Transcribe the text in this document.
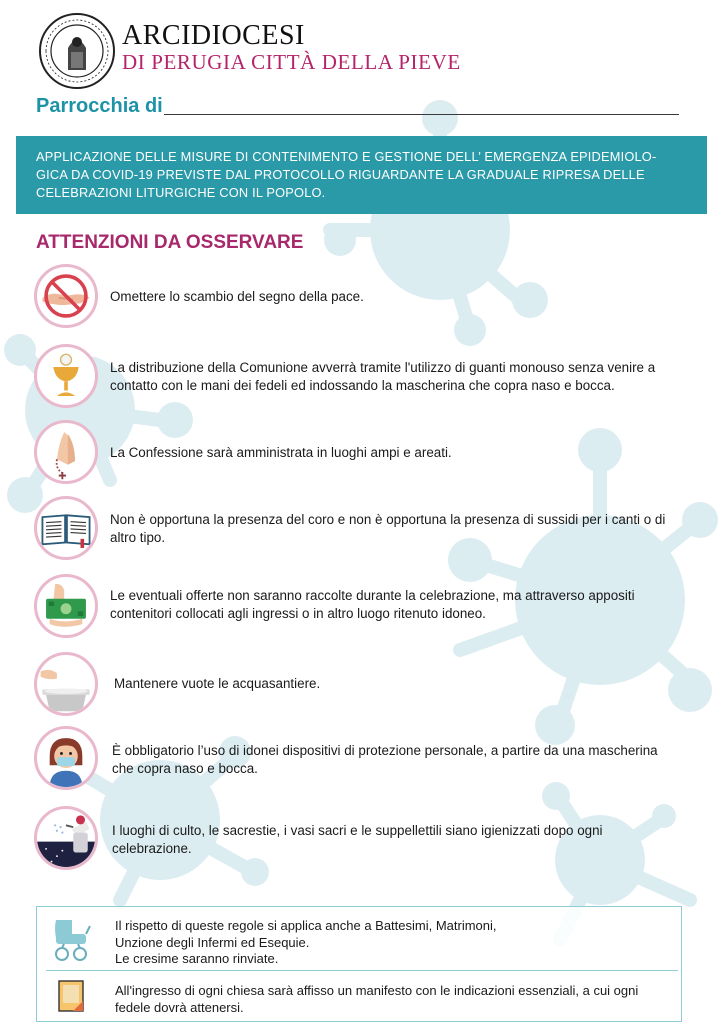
ARCIDIOCESI
DI PERUGIA CITTÀ DELLA PIEVE
Parrocchia di
APPLICAZIONE DELLE MISURE DI CONTENIMENTO E GESTIONE DELL’ EMERGENZA EPIDEMIOLO-
GICA DA COVID-19 PREVISTE DAL PROTOCOLLO RIGUARDANTE LA GRADUALE RIPRESA DELLE
CELEBRAZIONI LITURGICHE CON IL POPOLO.
ATTENZIONI DA OSSERVARE
Omettere lo scambio del segno della pace.
La distribuzione della Comunione avverrà tramite l'utilizzo di guanti monouso senza venire a
contatto con le mani dei fedeli ed indossando la mascherina che copra naso e bocca.
La Confessione sarà amministrata in luoghi ampi e areati.
Non è opportuna la presenza del coro e non è opportuna la presenza di sussidi per i canti o di
altro tipo.
Le eventuali offerte non saranno raccolte durante la celebrazione, ma attraverso appositi
contenitori collocati agli ingressi o in altro luogo ritenuto idoneo.
Mantenere vuote le acquasantiere.
È obbligatorio l’uso di idonei dispositivi di protezione personale, a partire da una mascherina
che copra naso e bocca.
I luoghi di culto, le sacrestie, i vasi sacri e le suppellettili siano igienizzati dopo ogni
celebrazione.
Il rispetto di queste regole si applica anche a Battesimi, Matrimoni,
Unzione degli Infermi ed Esequie.
Le cresime saranno rinviate.
All'ingresso di ogni chiesa sarà affisso un manifesto con le indicazioni essenziali, a cui ogni
fedele dovrà attenersi.
